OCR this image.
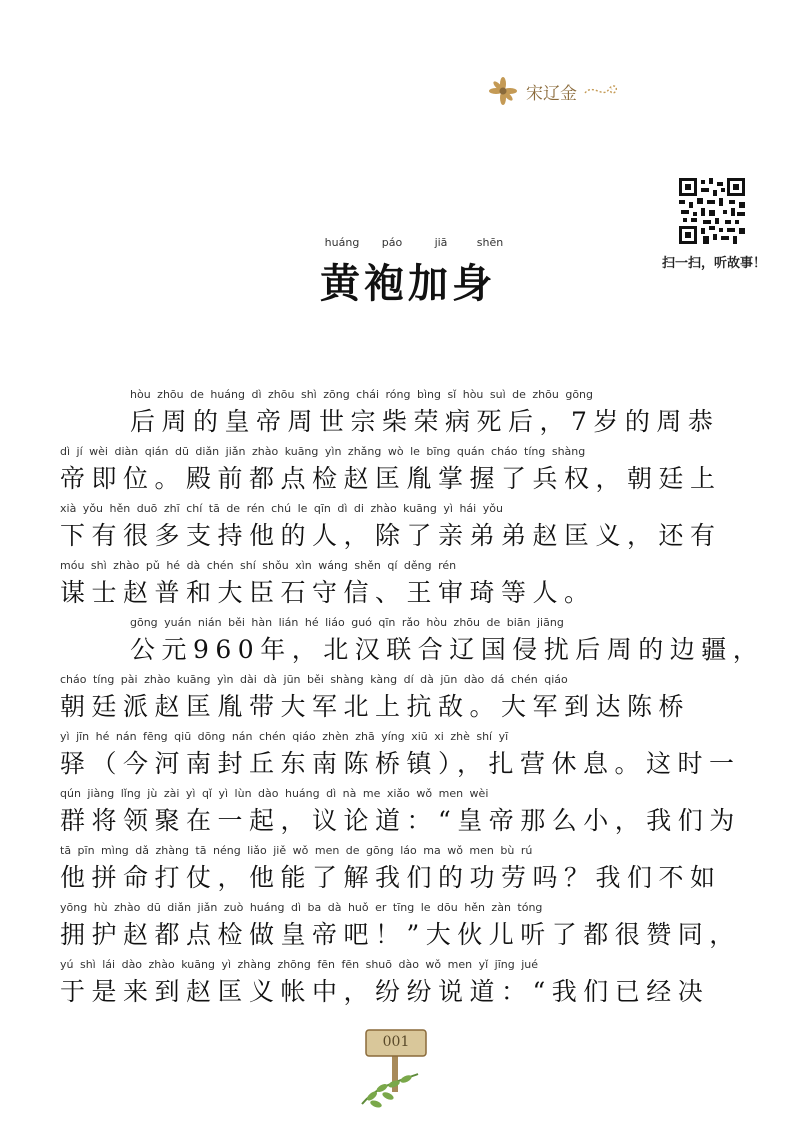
宋辽金
扫一扫，听故事！
huáng	páo	jiā	shēn
黄袍加身
hòu zhōu de huáng dì zhōu shì zōng chái róng bìng sǐ hòu suì de zhōu gōng
后周的皇帝周世宗柴荣病死后，7岁的周恭
dì jí wèi diàn qián dū diǎn jiǎn zhào kuāng yìn zhǎng wò le bīng quán cháo tíng shàng
帝即位。殿前都点检赵匡胤掌握了兵权，朝廷上
xià yǒu hěn duō zhī chí tā de rén chú le qīn dì di zhào kuāng yì hái yǒu
下有很多支持他的人，除了亲弟弟赵匡义，还有
móu shì zhào pǔ hé dà chén shí shǒu xìn wáng shěn qí děng rén
谋士赵普和大臣石守信、王审琦等人。
gōng yuán nián běi hàn lián hé liáo guó qīn rǎo hòu zhōu de biān jiāng
公元960年，北汉联合辽国侵扰后周的边疆，
cháo tíng pài zhào kuāng yìn dài dà jūn běi shàng kàng dí dà jūn dào dá chén qiáo
朝廷派赵匡胤带大军北上抗敌。大军到达陈桥
yì jīn hé nán fēng qiū dōng nán chén qiáo zhèn zhā yíng xiū xi zhè shí yī
驿（今河南封丘东南陈桥镇），扎营休息。这时一
qún jiàng lǐng jù zài yì qǐ yì lùn dào huáng dì nà me xiǎo wǒ men wèi
群将领聚在一起，议论道：“皇帝那么小，我们为
tā pīn mìng dǎ zhàng tā néng liǎo jiě wǒ men de gōng láo ma wǒ men bù rú
他拼命打仗，他能了解我们的功劳吗？我们不如
yōng hù zhào dū diǎn jiǎn zuò huáng dì ba dà huǒ er tīng le dōu hěn zàn tóng
拥护赵都点检做皇帝吧！”大伙儿听了都很赞同，
yú shì lái dào zhào kuāng yì zhàng zhōng fēn fēn shuō dào wǒ men yǐ jīng jué
于是来到赵匡义帐中，纷纷说道：“我们已经决
001
